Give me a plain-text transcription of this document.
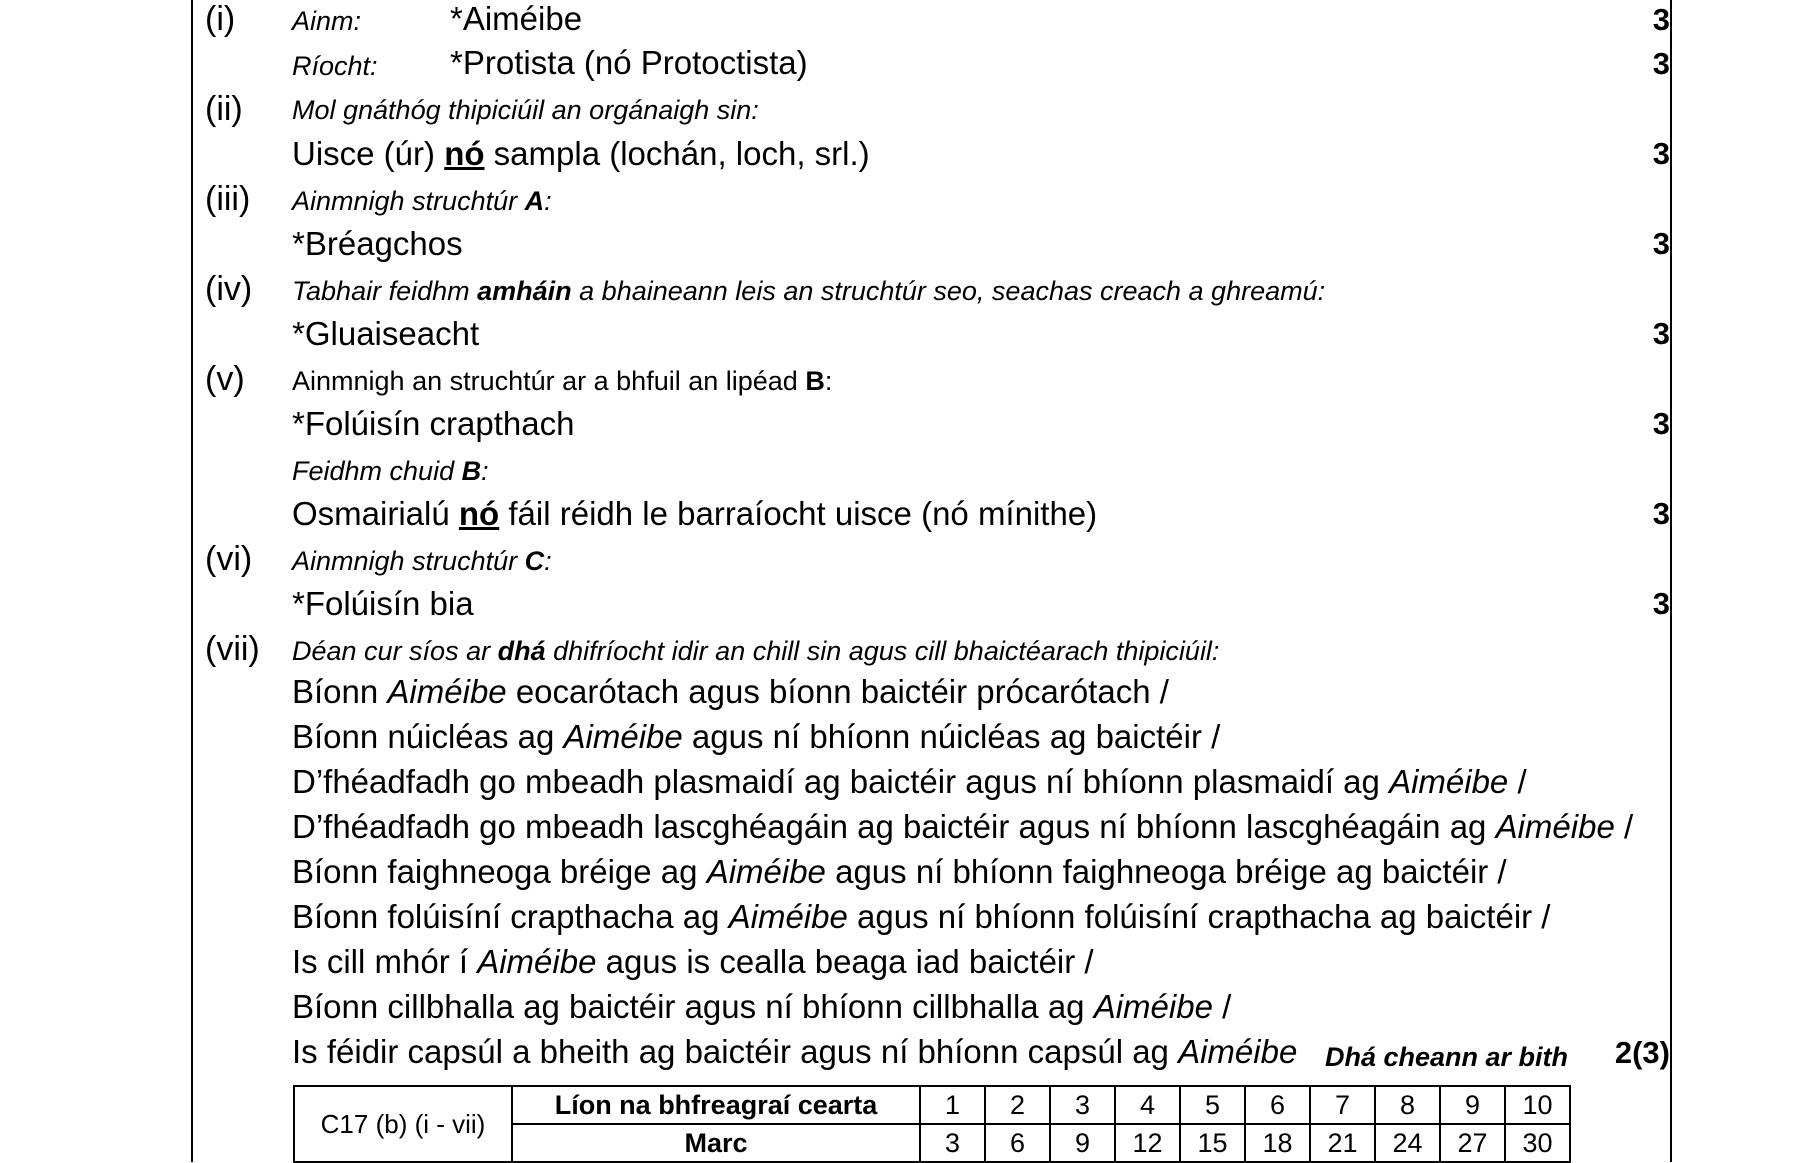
(i) Ainm:	*Aiméibe	3
Ríocht: *Protista (nó Protoctista)	3
(ii) Mol gnáthóg thipiciúil an orgánaigh sin:
Uisce (úr) nó sampla (lochán, loch, srl.)	3
(iii) Ainmnigh struchtúr A:
*Bréagchos	3
(iv) Tabhair feidhm amháin a bhaineann leis an struchtúr seo, seachas creach a ghreamú:
*Gluaiseacht	3
(v) Ainmnigh an struchtúr ar a bhfuil an lipéad B:
*Folúisín crapthach	3
Feidhm chuid B:
Osmairialú nó fáil réidh le barraíocht uisce (nó mínithe)	3
(vi) Ainmnigh struchtúr C:
*Folúisín bia	3
(vii) Déan cur síos ar dhá dhifríocht idir an chill sin agus cill bhaictéarach thipiciúil:
Bíonn Aiméibe eocarótach agus bíonn baictéir prócarótach /
Bíonn núicléas ag Aiméibe agus ní bhíonn núicléas ag baictéir /
D’fhéadfadh go mbeadh plasmaidí ag baictéir agus ní bhíonn plasmaidí ag Aiméibe /
D’fhéadfadh go mbeadh lascghéagáin ag baictéir agus ní bhíonn lascghéagáin ag Aiméibe /
Bíonn faighneoga bréige ag Aiméibe agus ní bhíonn faighneoga bréige ag baictéir /
Bíonn folúisíní crapthacha ag Aiméibe agus ní bhíonn folúisíní crapthacha ag baictéir /
Is cill mhór í Aiméibe agus is cealla beaga iad baictéir /
Bíonn cillbhalla ag baictéir agus ní bhíonn cillbhalla ag Aiméibe /
Is féidir capsúl a bheith ag baictéir agus ní bhíonn capsúl ag Aiméibe Dhá cheann ar bith	2(3)
C17 (b) (i - vii)	Líon na bhfreagraí cearta	1	2	3	4	5	6	7	8	9	10
	Marc	3	6	9	12	15	18	21	24	27	30
